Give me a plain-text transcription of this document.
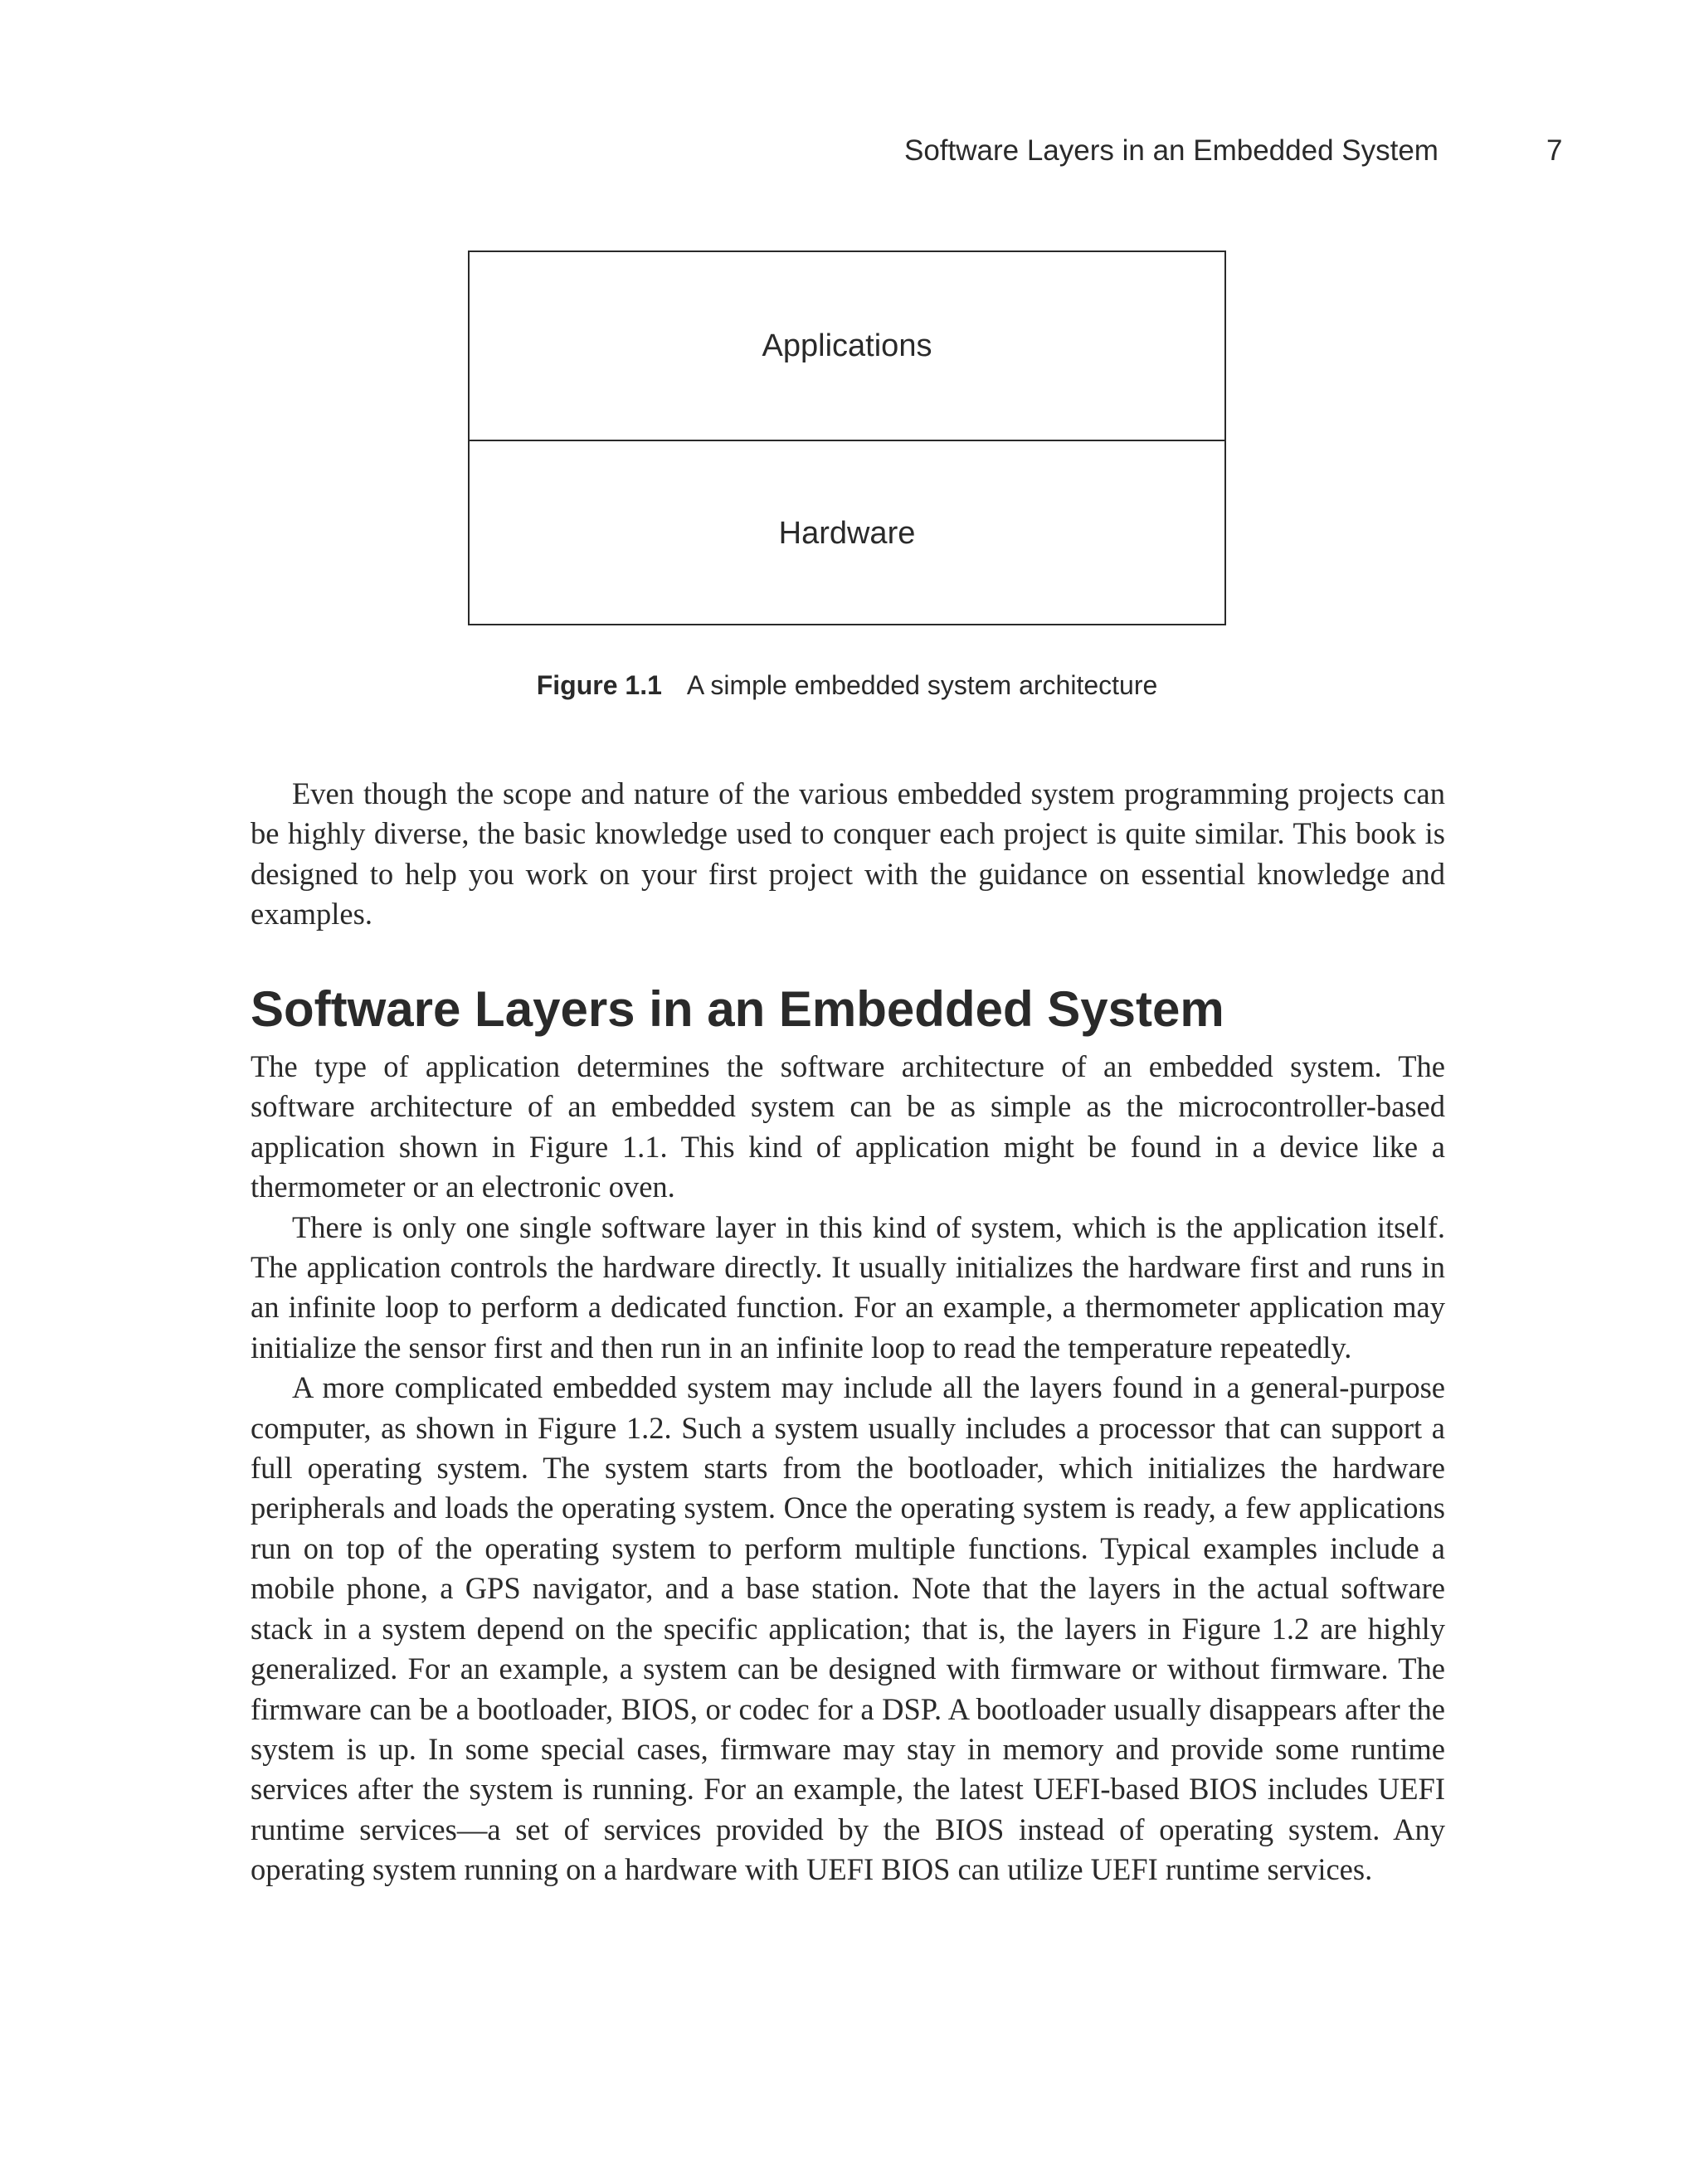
Software Layers in an Embedded System	7
Applications
Hardware
Figure 1.1 A simple embedded system architecture

Even though the scope and nature of the various embedded system programming projects can be highly diverse, the basic knowledge used to conquer each project is quite similar. This book is designed to help you work on your first project with the guidance on essential knowledge and examples.

Software Layers in an Embedded System

The type of application determines the software architecture of an embedded system. The software architecture of an embedded system can be as simple as the microcontroller-based application shown in Figure 1.1. This kind of application might be found in a device like a thermometer or an electronic oven.

There is only one single software layer in this kind of system, which is the application itself. The application controls the hardware directly. It usually initializes the hardware first and runs in an infinite loop to perform a dedicated function. For an example, a thermometer application may initialize the sensor first and then run in an infinite loop to read the temperature repeatedly.

A more complicated embedded system may include all the layers found in a general-purpose computer, as shown in Figure 1.2. Such a system usually includes a processor that can support a full operating system. The system starts from the bootloader, which initializes the hardware peripherals and loads the operating system. Once the operating system is ready, a few applications run on top of the operating system to perform multiple functions. Typical examples include a mobile phone, a GPS navigator, and a base station. Note that the layers in the actual software stack in a system depend on the specific application; that is, the layers in Figure 1.2 are highly generalized. For an example, a system can be designed with firmware or without firmware. The firmware can be a bootloader, BIOS, or codec for a DSP. A bootloader usually disappears after the system is up. In some special cases, firmware may stay in memory and provide some runtime services after the system is running. For an example, the latest UEFI-based BIOS includes UEFI runtime services—a set of services provided by the BIOS instead of operating system. Any operating system running on a hardware with UEFI BIOS can utilize UEFI runtime services.
